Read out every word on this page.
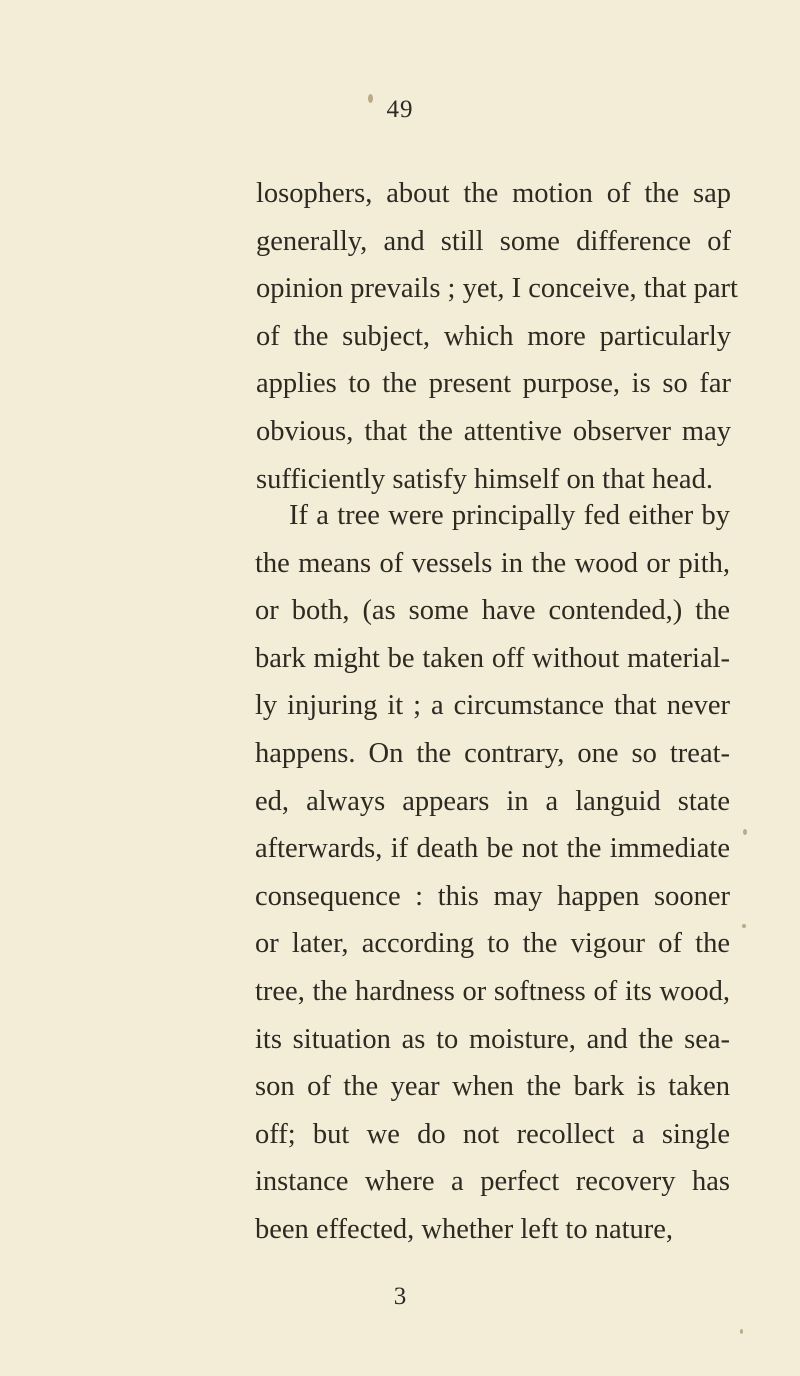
49
losophers, about the motion of the sap
generally, and still some difference of
opinion prevails ; yet, I conceive, that part
of the subject, which more particularly
applies to the present purpose, is so far
obvious, that the attentive observer may
sufficiently satisfy himself on that head.
If a tree were principally fed either by
the means of vessels in the wood or pith,
or both, (as some have contended,) the
bark might be taken off without material-
ly injuring it ; a circumstance that never
happens. On the contrary, one so treat-
ed, always appears in a languid state
afterwards, if death be not the immediate
consequence : this may happen sooner
or later, according to the vigour of the
tree, the hardness or softness of its wood,
its situation as to moisture, and the sea-
son of the year when the bark is taken
off; but we do not recollect a single
instance where a perfect recovery has
been effected, whether left to nature,
3
